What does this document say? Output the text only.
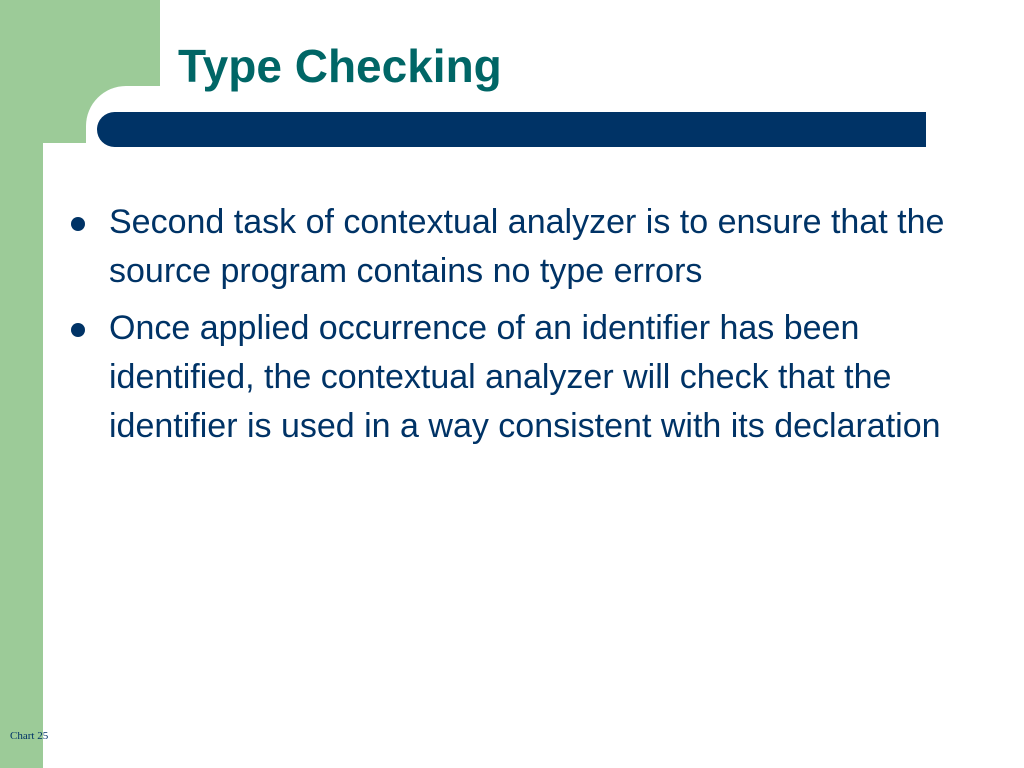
Type Checking
Second task of contextual analyzer is to ensure that the source program contains no type errors
Once applied occurrence of an identifier has been identified, the contextual analyzer will check that the identifier is used in a way consistent with its declaration
Chart 25
